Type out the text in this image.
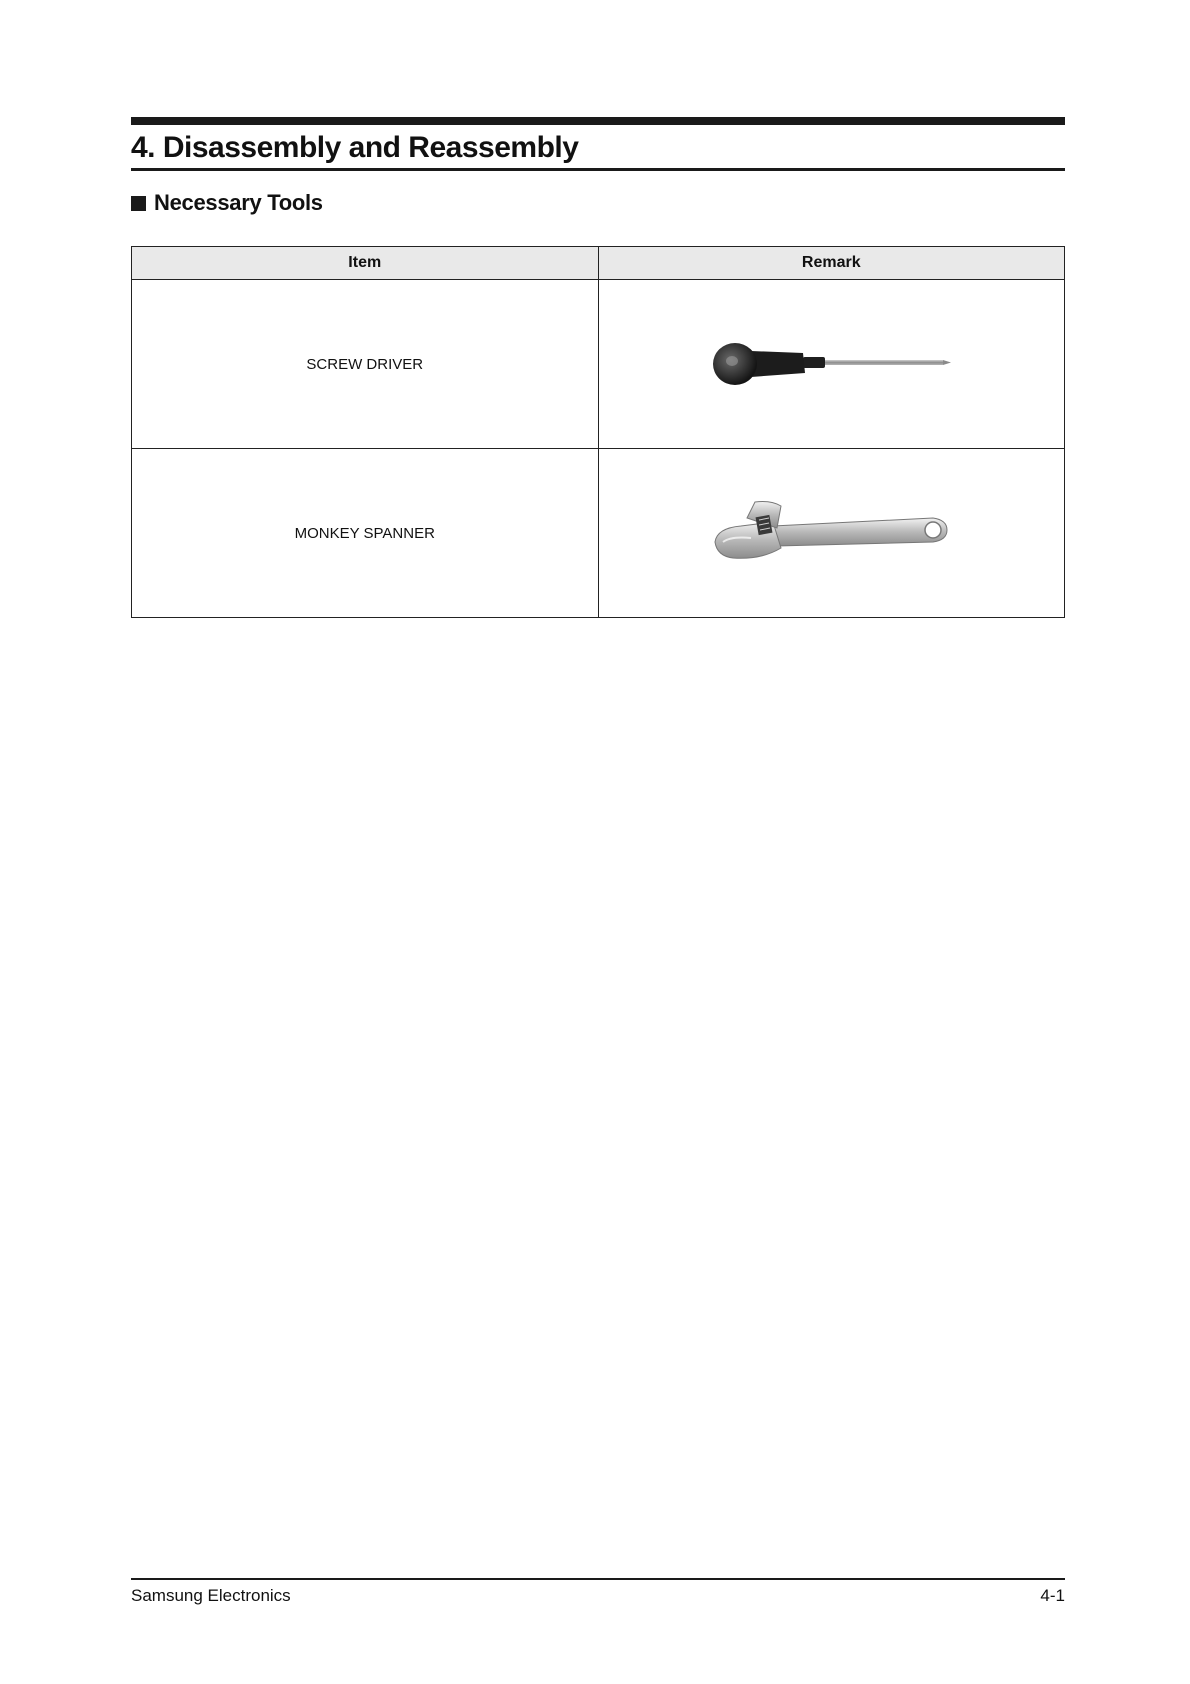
4. Disassembly and Reassembly
Necessary Tools
Item	Remark
SCREW DRIVER	

MONKEY SPANNER	
Samsung Electronics	4-1
